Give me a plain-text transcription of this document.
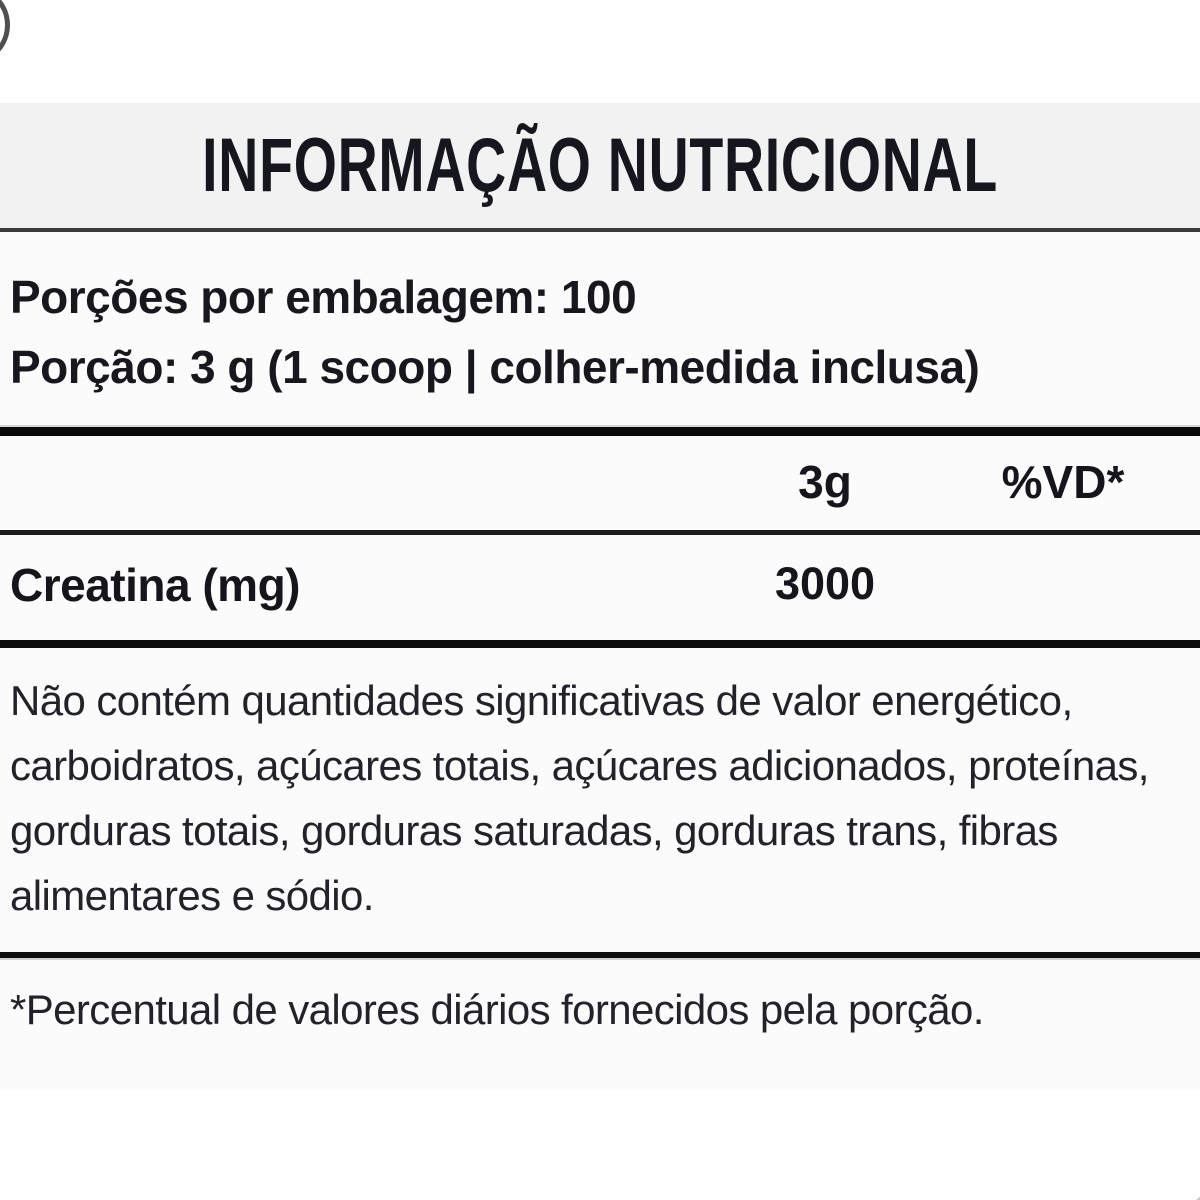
INFORMAÇÃO NUTRICIONAL
Porções por embalagem: 100
Porção: 3 g (1 scoop | colher-medida inclusa)
3g	%VD*
Creatina (mg)	3000
Não contém quantidades significativas de valor energético,
carboidratos, açúcares totais, açúcares adicionados, proteínas,
gorduras totais, gorduras saturadas, gorduras trans, fibras
alimentares e sódio.
*Percentual de valores diários fornecidos pela porção.
